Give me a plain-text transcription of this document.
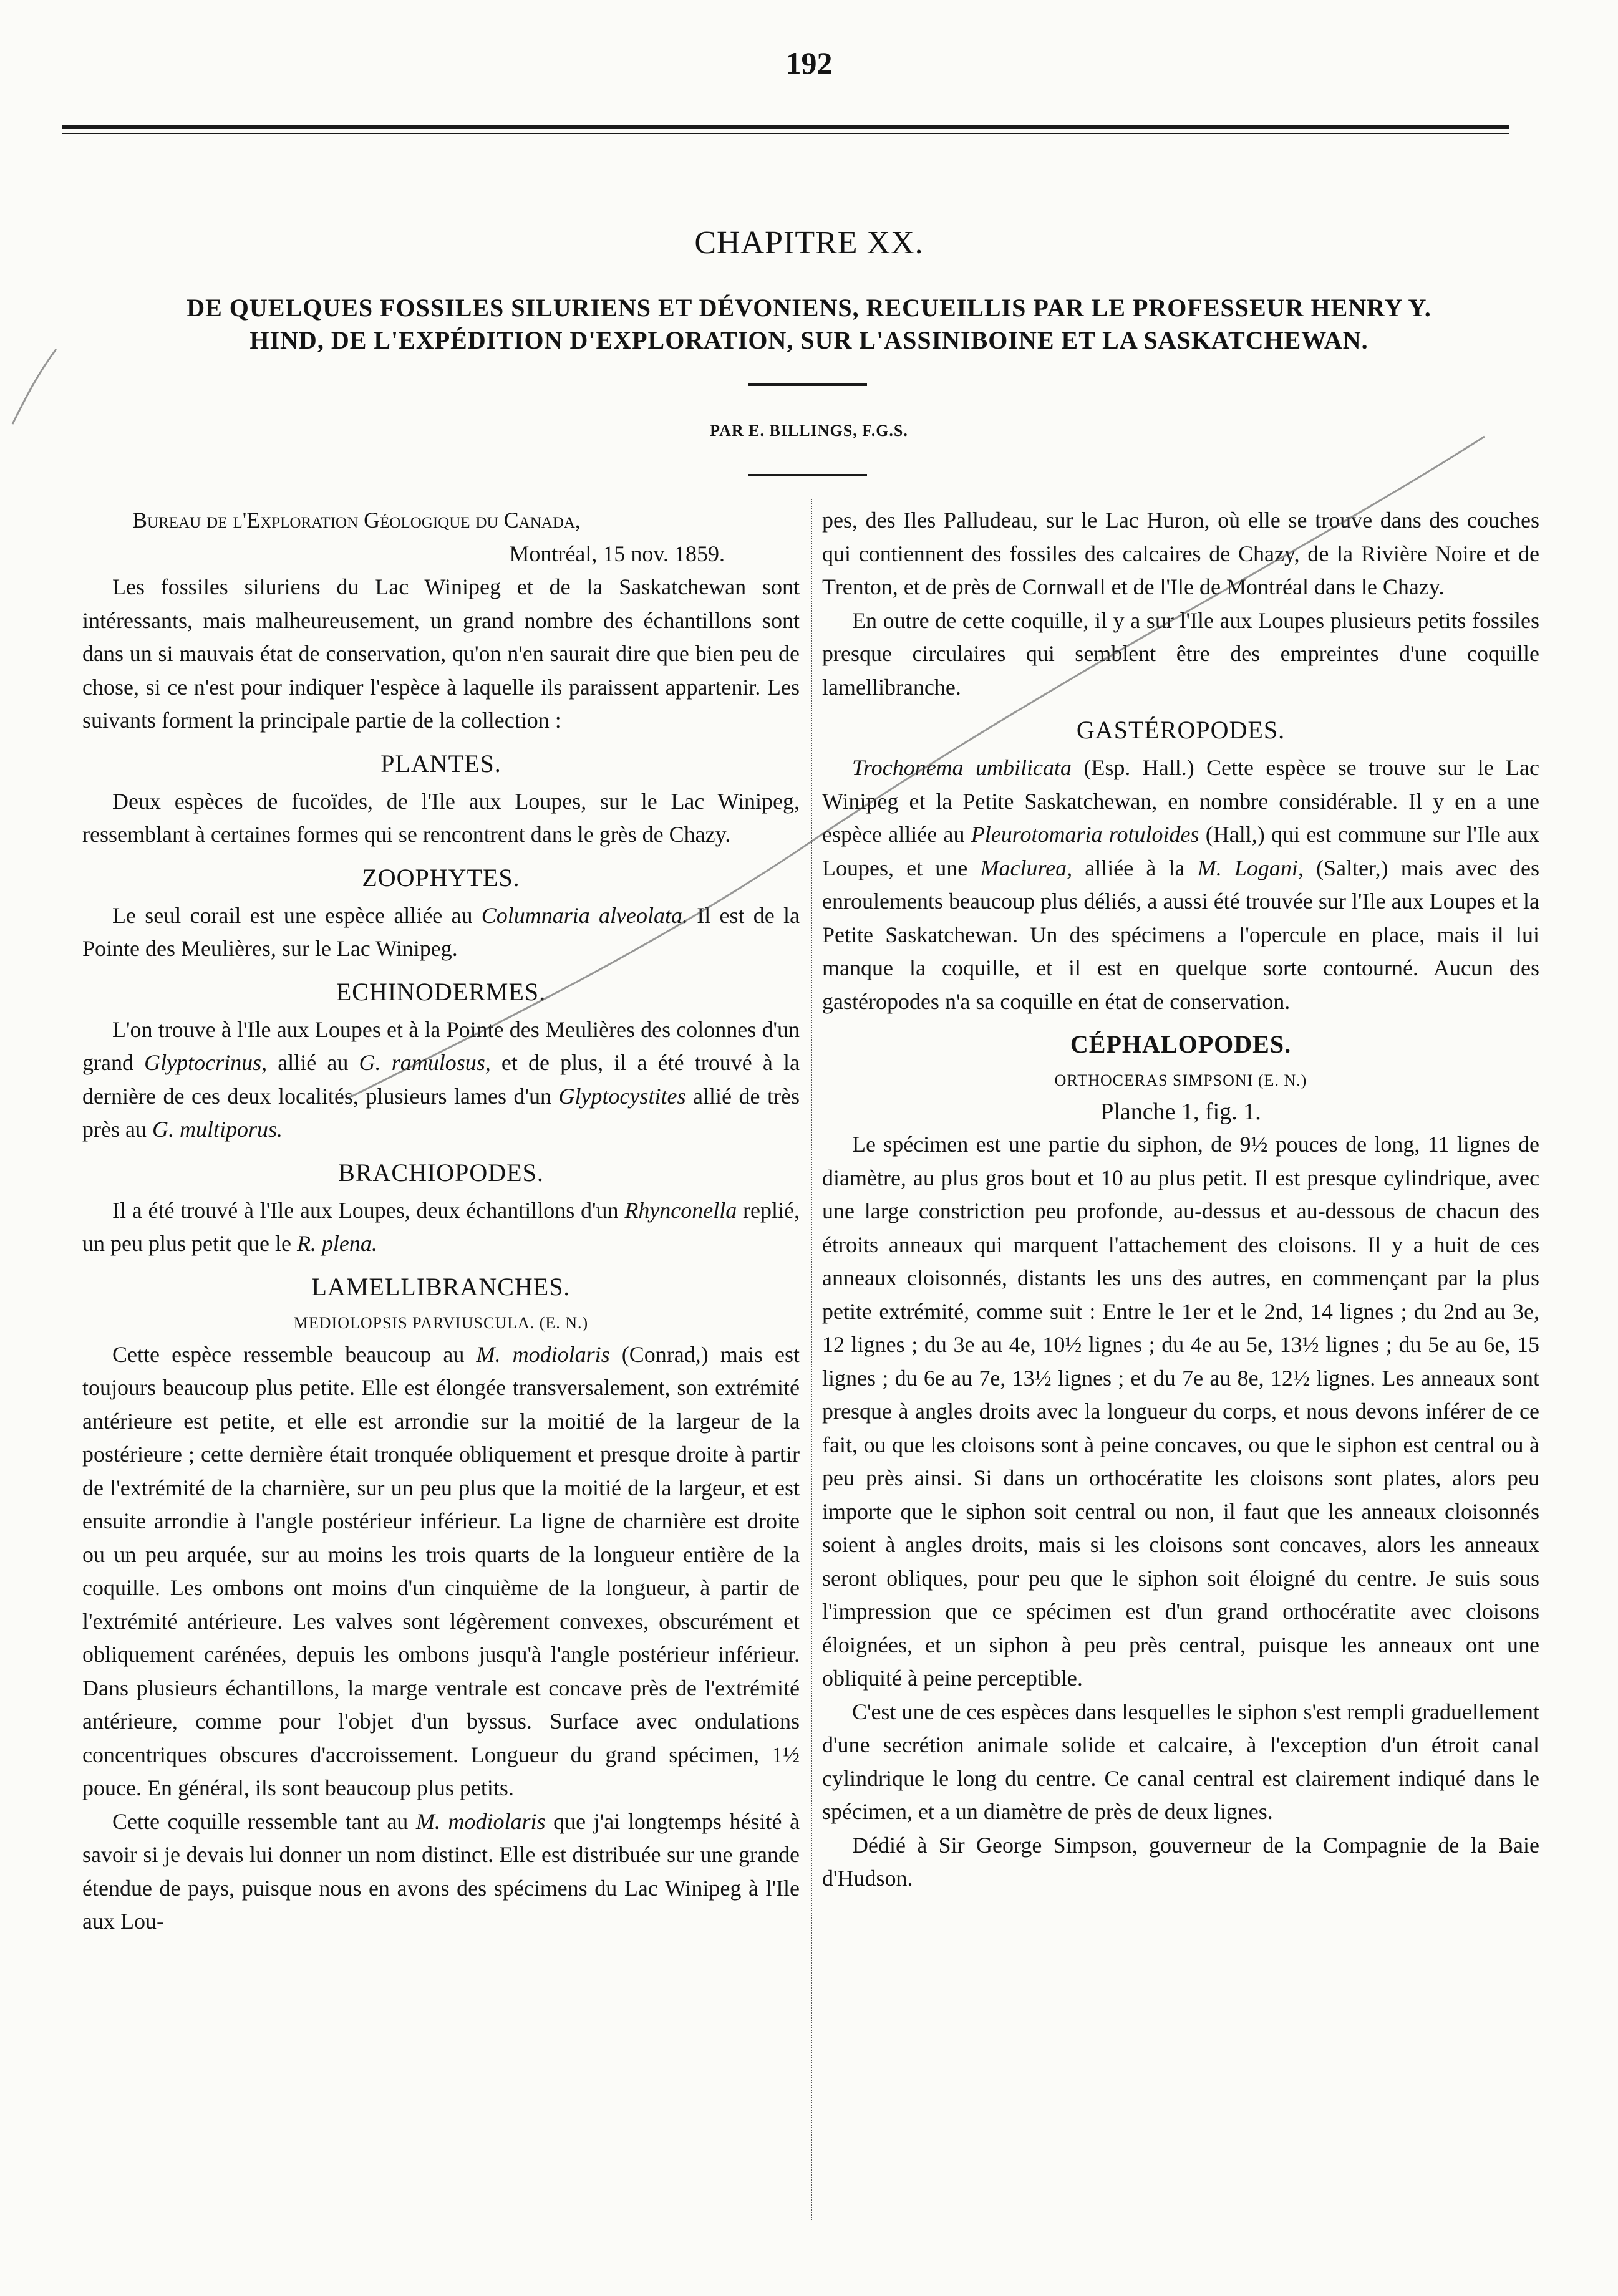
192
CHAPITRE XX.
DE QUELQUES FOSSILES SILURIENS ET DÉVONIENS, RECUEILLIS PAR LE PROFESSEUR HENRY Y. HIND, DE L'EXPÉDITION D'EXPLORATION, SUR L'ASSINIBOINE ET LA SASKATCHEWAN.
PAR E. BILLINGS, F.G.S.

Bureau de l'Exploration Géologique du Canada,

Montréal, 15 nov. 1859.

Les fossiles siluriens du Lac Winipeg et de la Saskatchewan sont intéressants, mais malheureusement, un grand nombre des échantillons sont dans un si mauvais état de conservation, qu'on n'en saurait dire que bien peu de chose, si ce n'est pour indiquer l'espèce à laquelle ils paraissent appartenir. Les suivants forment la principale partie de la collection :

PLANTES.

Deux espèces de fucoïdes, de l'Ile aux Loupes, sur le Lac Winipeg, ressemblant à certaines formes qui se rencontrent dans le grès de Chazy.

ZOOPHYTES.

Le seul corail est une espèce alliée au Columnaria alveolata. Il est de la Pointe des Meulières, sur le Lac Winipeg.

ECHINODERMES.

L'on trouve à l'Ile aux Loupes et à la Pointe des Meulières des colonnes d'un grand Glyptocrinus, allié au G. ramulosus, et de plus, il a été trouvé à la dernière de ces deux localités, plusieurs lames d'un Glyptocystites allié de très près au G. multiporus.

BRACHIOPODES.

Il a été trouvé à l'Ile aux Loupes, deux échantillons d'un Rhynconella replié, un peu plus petit que le R. plena.

LAMELLIBRANCHES.
MEDIOLOPSIS PARVIUSCULA. (E. N.)

Cette espèce ressemble beaucoup au M. modiolaris (Conrad,) mais est toujours beaucoup plus petite. Elle est élongée transversalement, son extrémité antérieure est petite, et elle est arrondie sur la moitié de la largeur de la postérieure ; cette dernière était tronquée obliquement et presque droite à partir de l'extrémité de la charnière, sur un peu plus que la moitié de la largeur, et est ensuite arrondie à l'angle postérieur inférieur. La ligne de charnière est droite ou un peu arquée, sur au moins les trois quarts de la longueur entière de la coquille. Les ombons ont moins d'un cinquième de la longueur, à partir de l'extrémité antérieure. Les valves sont légèrement convexes, obscurément et obliquement carénées, depuis les ombons jusqu'à l'angle postérieur inférieur. Dans plusieurs échantillons, la marge ventrale est concave près de l'extrémité antérieure, comme pour l'objet d'un byssus. Surface avec ondulations concentriques obscures d'accroissement. Longueur du grand spécimen, 1½ pouce. En général, ils sont beaucoup plus petits.

Cette coquille ressemble tant au M. modiolaris que j'ai longtemps hésité à savoir si je devais lui donner un nom distinct. Elle est distribuée sur une grande étendue de pays, puisque nous en avons des spécimens du Lac Winipeg à l'Ile aux Lou-

pes, des Iles Palludeau, sur le Lac Huron, où elle se trouve dans des couches qui contiennent des fossiles des calcaires de Chazy, de la Rivière Noire et de Trenton, et de près de Cornwall et de l'Ile de Montréal dans le Chazy.

En outre de cette coquille, il y a sur l'Ile aux Loupes plusieurs petits fossiles presque circulaires qui semblent être des empreintes d'une coquille lamellibranche.

GASTÉROPODES.

Trochonema umbilicata (Esp. Hall.) Cette espèce se trouve sur le Lac Winipeg et la Petite Saskatchewan, en nombre considérable. Il y en a une espèce alliée au Pleurotomaria rotuloides (Hall,) qui est commune sur l'Ile aux Loupes, et une Maclurea, alliée à la M. Logani, (Salter,) mais avec des enroulements beaucoup plus déliés, a aussi été trouvée sur l'Ile aux Loupes et la Petite Saskatchewan. Un des spécimens a l'opercule en place, mais il lui manque la coquille, et il est en quelque sorte contourné. Aucun des gastéropodes n'a sa coquille en état de conservation.

CÉPHALOPODES.
ORTHOCERAS SIMPSONI (E. N.)
Planche 1, fig. 1.

Le spécimen est une partie du siphon, de 9½ pouces de long, 11 lignes de diamètre, au plus gros bout et 10 au plus petit. Il est presque cylindrique, avec une large constriction peu profonde, au-dessus et au-dessous de chacun des étroits anneaux qui marquent l'attachement des cloisons. Il y a huit de ces anneaux cloisonnés, distants les uns des autres, en commençant par la plus petite extrémité, comme suit : Entre le 1er et le 2nd, 14 lignes ; du 2nd au 3e, 12 lignes ; du 3e au 4e, 10½ lignes ; du 4e au 5e, 13½ lignes ; du 5e au 6e, 15 lignes ; du 6e au 7e, 13½ lignes ; et du 7e au 8e, 12½ lignes. Les anneaux sont presque à angles droits avec la longueur du corps, et nous devons inférer de ce fait, ou que les cloisons sont à peine concaves, ou que le siphon est central ou à peu près ainsi. Si dans un orthocératite les cloisons sont plates, alors peu importe que le siphon soit central ou non, il faut que les anneaux cloisonnés soient à angles droits, mais si les cloisons sont concaves, alors les anneaux seront obliques, pour peu que le siphon soit éloigné du centre. Je suis sous l'impression que ce spécimen est d'un grand orthocératite avec cloisons éloignées, et un siphon à peu près central, puisque les anneaux ont une obliquité à peine perceptible.

C'est une de ces espèces dans lesquelles le siphon s'est rempli graduellement d'une secrétion animale solide et calcaire, à l'exception d'un étroit canal cylindrique le long du centre. Ce canal central est clairement indiqué dans le spécimen, et a un diamètre de près de deux lignes.

Dédié à Sir George Simpson, gouverneur de la Compagnie de la Baie d'Hudson.
